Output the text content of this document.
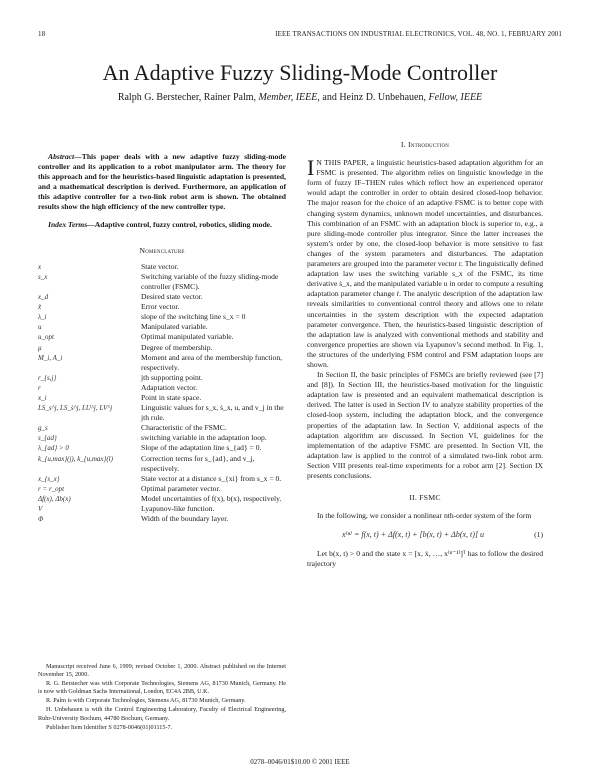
18	IEEE TRANSACTIONS ON INDUSTRIAL ELECTRONICS, VOL. 48, NO. 1, FEBRUARY 2001
An Adaptive Fuzzy Sliding-Mode Controller
Ralph G. Berstecher, Rainer Palm, Member, IEEE, and Heinz D. Unbehauen, Fellow, IEEE

Abstract—This paper deals with a new adaptive fuzzy sliding-mode controller and its application to a robot manipulator arm. The theory for this approach and for the heuristics-based linguistic adaptation is presented, and a mathematical description is derived. Furthermore, an application of this adaptive controller for a two-link robot arm is shown. The obtained results show the high efficiency of the new controller type.

Index Terms—Adaptive control, fuzzy control, robotics, sliding mode.

Nomenclature
x	State vector.
s_x	Switching variable of the fuzzy sliding-mode controller (FSMC).
x_d	Desired state vector.
x̃	Error vector.
λ_i	slope of the switching line s_x = 0
u	Manipulated variable.
u_opt	Optimal manipulated variable.
μ	Degree of membership.
M_i, A_i	Moment and area of the membership function, respectively.
r_{s,j}	jth supporting point.
r	Adaptation vector.
x_i	Point in state space.
LS_s^j, LS_ṡ^j, LU^j, LV^j	Linguistic values for s_x, ṡ_x, u, and v_j in the jth rule.
g_s	Characteristic of the FSMC.
s_{ad}	switching variable in the adaptation loop.
λ_{ad} > 0	Slope of the adaptation line s_{ad} = 0.
k_{u,max}(j), k_{u,max}(l)	Correction terms for s_{ad}, and v_j, respectively.
x_{s_x}	State vector at a distance s_{xi} from s_x = 0.
r = r_opt	Optimal parameter vector.
Δf(x), Δb(x)	Model uncertainties of f(x), b(x), respectively.
V	Lyapunov-like function.
Φ	Width of the boundary layer.

Manuscript received June 6, 1999; revised October 1, 2000. Abstract published on the Internet November 15, 2000.

R. G. Berstecher was with Corporate Technologies, Siemens AG, 81730 Munich, Germany. He is now with Goldman Sachs International, London, EC4A 2BB, U.K.

R. Palm is with Corporate Technologies, Siemens AG, 81730 Munich, Germany.

H. Unbehauen is with the Control Engineering Laboratory, Faculty of Electrical Engineering, Ruhr-University Bochum, 44780 Bochum, Germany.

Publisher Item Identifier S 0278-0046(01)01115-7.

I. Introduction

I N THIS PAPER, a linguistic heuristics-based adaptation algorithm for an FSMC is presented. The algorithm relies on linguistic knowledge in the form of fuzzy IF–THEN rules which reflect how an experienced operator would adapt the controller in order to obtain desired closed-loop behavior. The major reason for the choice of an adaptive FSMC is to better cope with changing system dynamics, unknown model uncertainties, and disturbances. This combination of an FSMC with an adaptation block is superior to, e.g., a pure sliding-mode controller plus integrator. Since the latter increases the system’s order by one, the closed-loop behavior is more sensitive to fast changes of the system parameters and disturbances. The adaptation parameters are grouped into the parameter vector r. The linguistically defined adaptation law uses the switching variable s_x of the FSMC, its time derivative ṡ_x, and the manipulated variable u in order to compute a resulting adaptation parameter change ṙ. The analytic description of the adaptation law reveals similarities to conventional control theory and allows one to relate uncertainties in the system description with the expected adaptation parameter convergence. Then, the heuristics-based linguistic description of the adaptation law is analyzed with conventional methods and stability and convergence properties are shown via Lyapunov’s second method. In Fig. 1, the structures of the underlying FSM control and FSM adaptation loops are shown.

In Section II, the basic principles of FSMCs are briefly reviewed (see [7] and [8]). In Section III, the heuristics-based motivation for the linguistic adaptation law is presented and an equivalent mathematical description is derived. The latter is used in Section IV to analyze stability properties of the closed-loop system, including the adaptation block, and the convergence properties of the adaptation law. In Section V, additional aspects of the adaptation algorithm are discussed. In Section VI, guidelines for the implementation of the adaptive FSMC are presented. In Section VII, the adaptation law is applied to the control of a simulated two-link robot arm. Section VIII presents real-time experiments for a robot arm [2]. Section IX presents conclusions.

II. FSMC

In the following, we consider a nonlinear nth-order system of the form

x⁽ⁿ⁾ = f(x, t) + Δf(x, t) + [b(x, t) + Δb(x, t)] u	(1)

Let b(x, t) > 0 and the state x = [x, ẋ, …, x⁽ⁿ⁻¹⁾]ᵀ has to follow the desired trajectory

0278–0046/01$10.00 © 2001 IEEE
